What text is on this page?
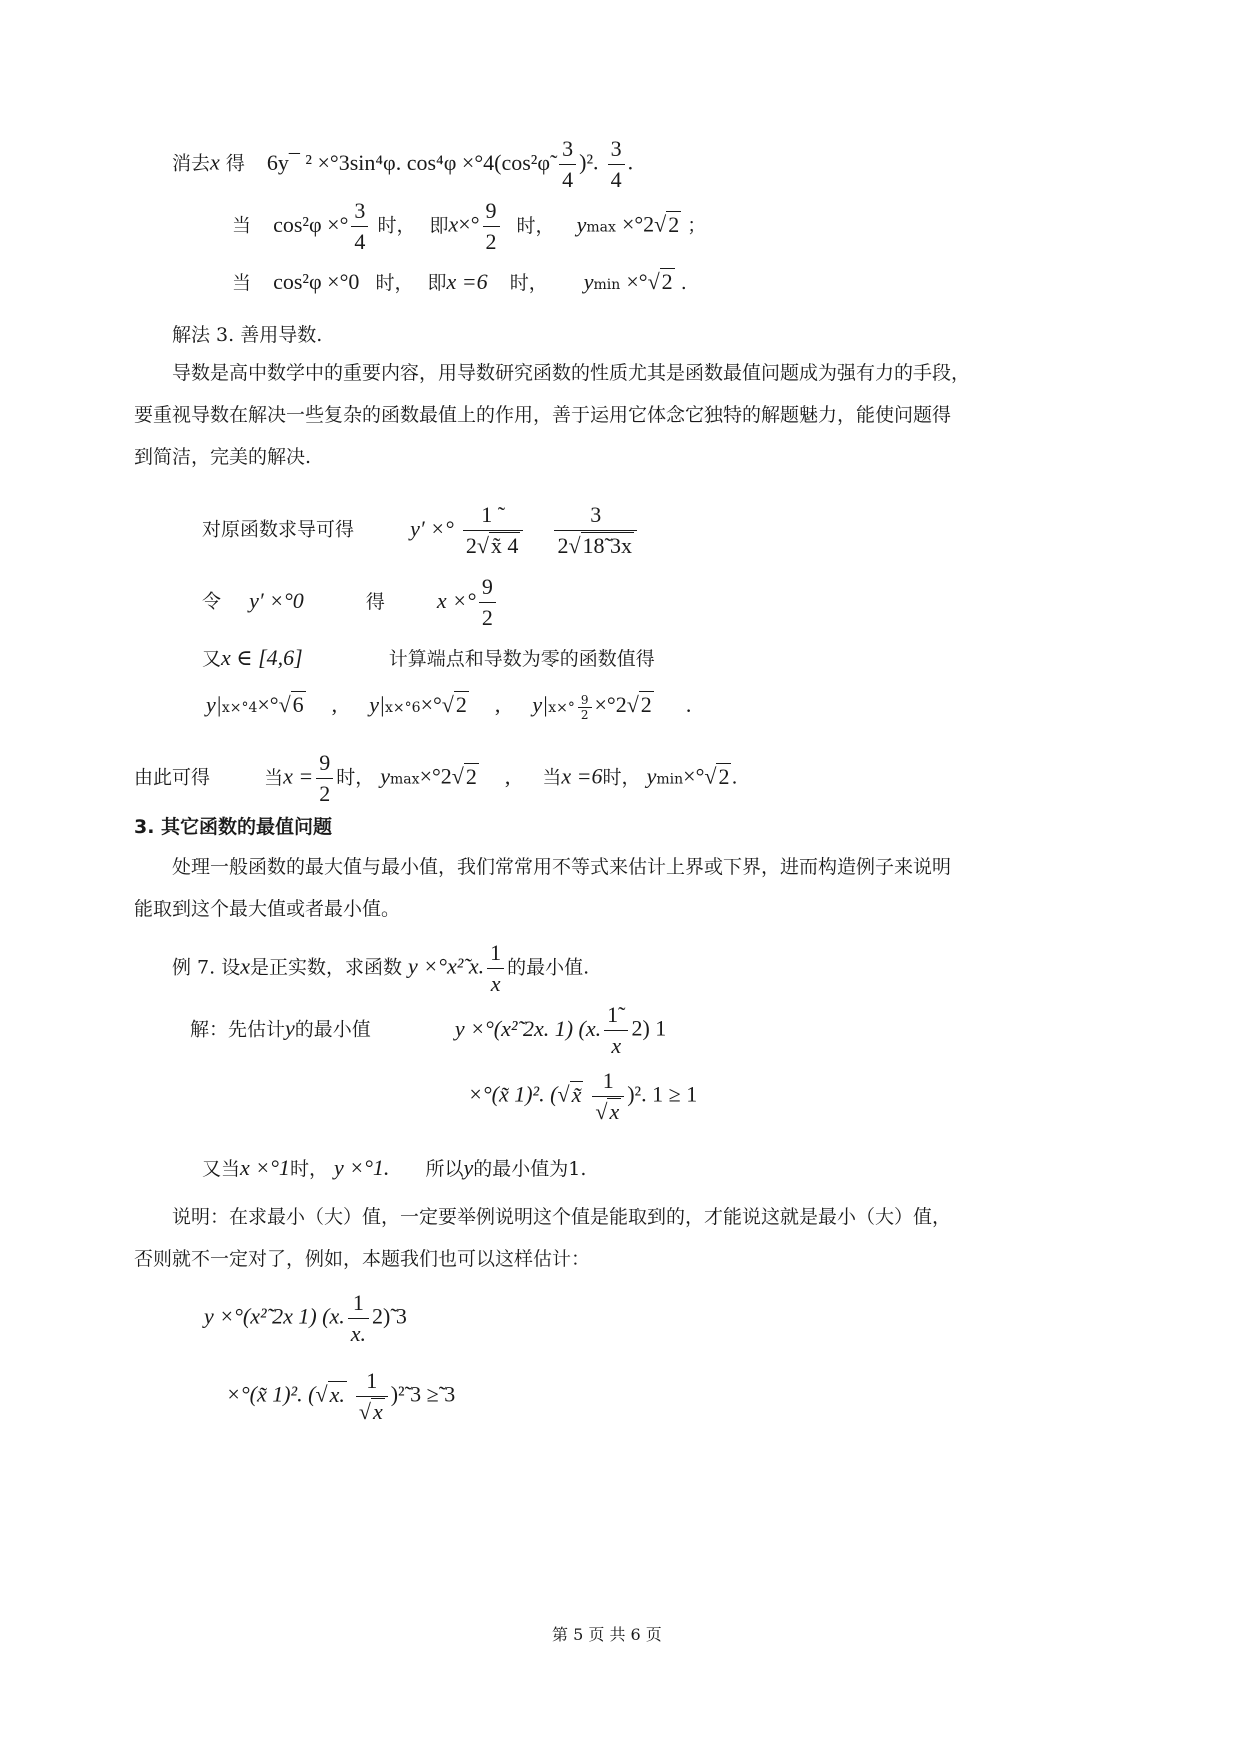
消去x 得 6y¯ ² ×°3sin⁴φ. cos⁴φ ×°4(cos²φ̃ $\frac{3}{4} )^2$. $\frac{3}{4}$ .
当 cos²φ ×° $\frac{3}{4}$ 时， 即$x\times^\circ \frac{9}{2}$ 时， ymax ×°2√2 ；
当 cos²φ ×°0 时， 即x =6 时， ymin ×°√2 .
解法 3. 善用导数.
导数是高中数学中的重要内容，用导数研究函数的性质尤其是函数最值问题成为强有力的手段，
要重视导数在解决一些复杂的函数最值上的作用，善于运用它体念它独特的解题魅力，能使问题得
到简洁，完美的解决.
对原函数求导可得	y′ ×° $\frac{1 ˜}{2√x̃ 4}$
$\frac{3}{2√18̃ 3x}$
令 y′ ×°0	得 x ×° $\frac{9}{2}$
又x ∈ [4,6]	计算端点和导数为零的函数值得
y|x×°4×°√6 , y|x×°6×°√2 , $y|x\times^\circ \frac{9}{2} \times^\circ 2√2$ .
由此可得	当$x = \frac{9}{2}$ 时， ymax×°2√2 , 当x =6时， ymin×°√2 .
3. 其它函数的最值问题
处理一般函数的最大值与最小值，我们常常用不等式来估计上界或下界，进而构造例子来说明
能取到这个最大值或者最小值。
例 7. 设x是正实数，求函数 y ×°x²̃ x. $\frac{1}{x}$ 的最小值.
解：先估计y的最小值	y ×°(x²̃ 2x. 1) (x. $\frac{1˜}{x} 2$) 1
×°(x̃ 1)². (√x̃ $\frac{1}{√x} )^2$. 1 ≥ 1
又当x ×°1时， y ×°1. 所以y的最小值为1.
说明：在求最小（大）值，一定要举例说明这个值是能取到的，才能说这就是最小（大）值，
否则就不一定对了，例如，本题我们也可以这样估计：
y ×°(x²̃ 2x 1) (x. $\frac{1}{x.}$ 2)̃ 3
×°(x̃ 1)². (√x. $\frac{1}{√x}$ )²̃ 3 ≥̃ 3
第 5 页 共 6 页
